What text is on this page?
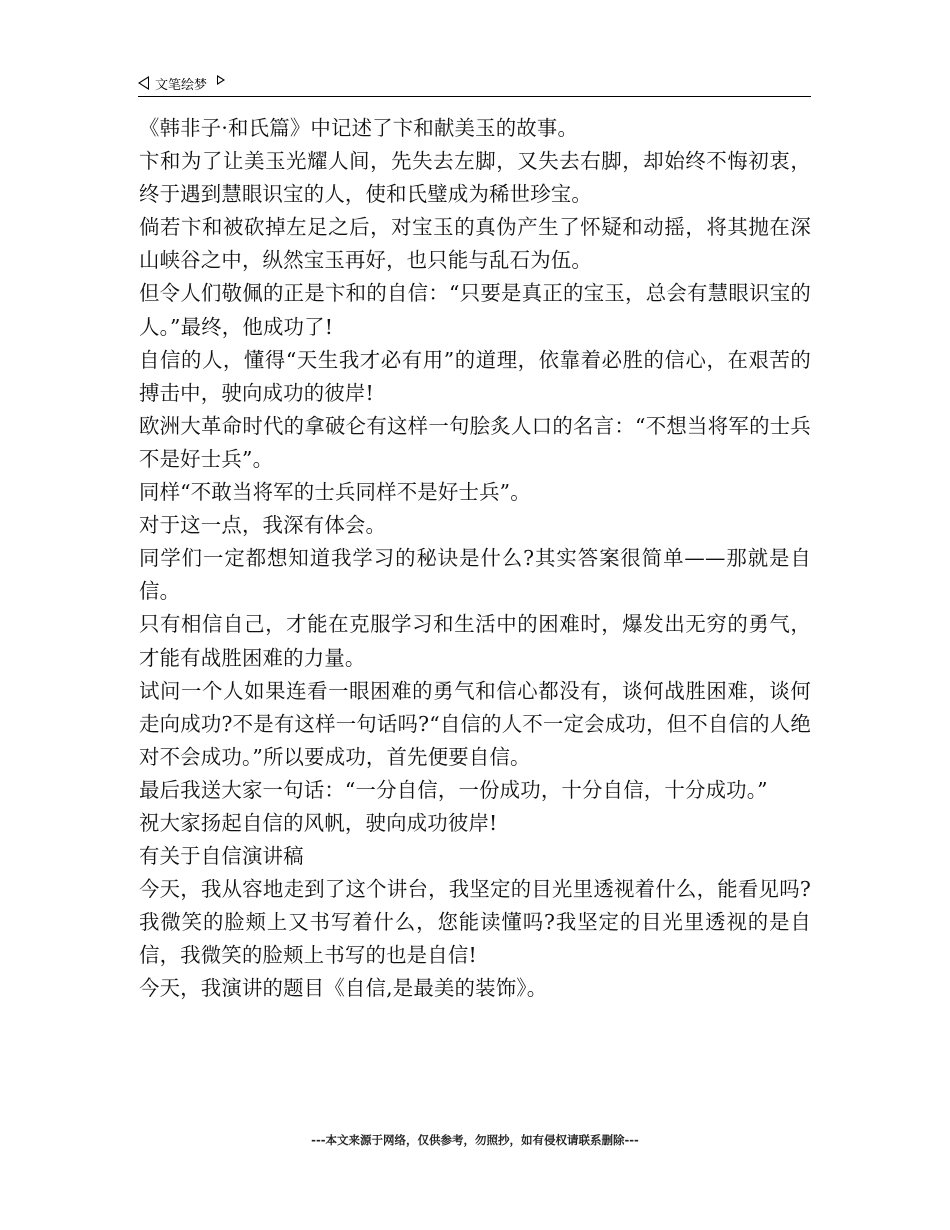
文笔绘梦

《韩非子·和氏篇》中记述了卞和献美玉的故事。

卞和为了让美玉光耀人间，先失去左脚，又失去右脚，却始终不悔初衷，终于遇到慧眼识宝的人，使和氏璧成为稀世珍宝。

倘若卞和被砍掉左足之后，对宝玉的真伪产生了怀疑和动摇，将其抛在深山峡谷之中，纵然宝玉再好，也只能与乱石为伍。

但令人们敬佩的正是卞和的自信：“只要是真正的宝玉，总会有慧眼识宝的人。”最终，他成功了!

自信的人，懂得“天生我才必有用”的道理，依靠着必胜的信心，在艰苦的搏击中，驶向成功的彼岸!

欧洲大革命时代的拿破仑有这样一句脍炙人口的名言：“不想当将军的士兵不是好士兵”。

同样“不敢当将军的士兵同样不是好士兵”。

对于这一点，我深有体会。

同学们一定都想知道我学习的秘诀是什么?其实答案很简单——那就是自信。

只有相信自己，才能在克服学习和生活中的困难时，爆发出无穷的勇气，才能有战胜困难的力量。

试问一个人如果连看一眼困难的勇气和信心都没有，谈何战胜困难，谈何走向成功?不是有这样一句话吗?“自信的人不一定会成功，但不自信的人绝对不会成功。”所以要成功，首先便要自信。

最后我送大家一句话：“一分自信，一份成功，十分自信，十分成功。”

祝大家扬起自信的风帆，驶向成功彼岸!

有关于自信演讲稿

今天，我从容地走到了这个讲台，我坚定的目光里透视着什么，能看见吗?我微笑的脸颊上又书写着什么，您能读懂吗?我坚定的目光里透视的是自信，我微笑的脸颊上书写的也是自信!

今天，我演讲的题目《自信,是最美的装饰》。

---本文来源于网络，仅供参考，勿照抄，如有侵权请联系删除---
